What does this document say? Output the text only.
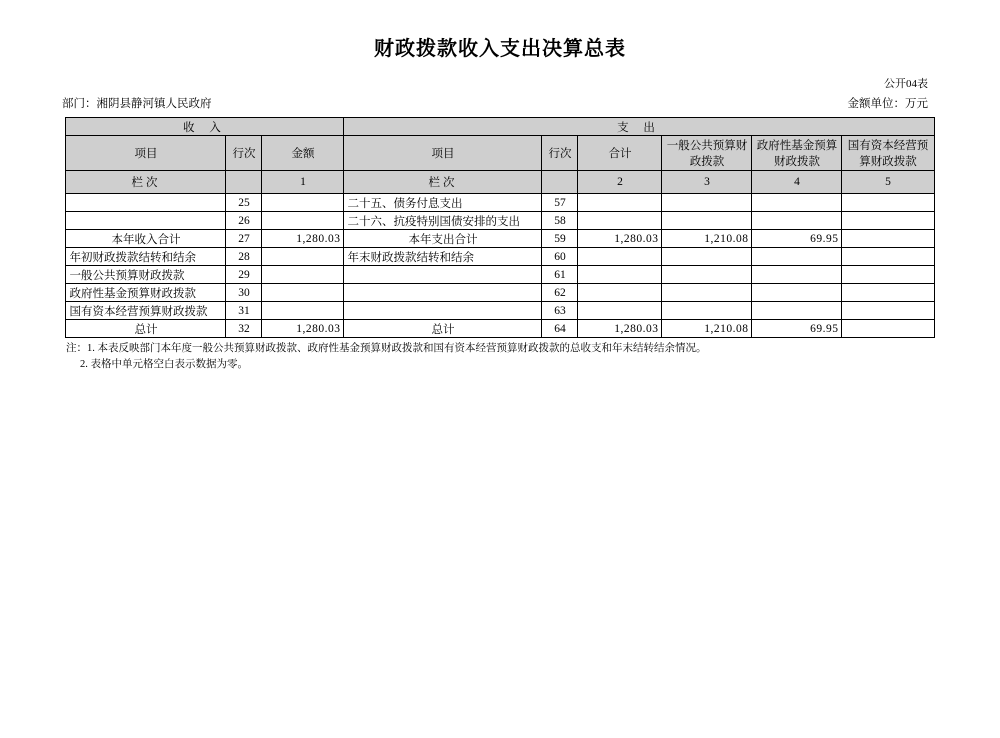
财政拨款收入支出决算总表
公开04表
部门：湘阴县静河镇人民政府	金额单位：万元
收 入			支 出					
项目	行次	金额	项目	行次	合计	一般公共预算财政拨款	政府性基金预算财政拨款	国有资本经营预算财政拨款
栏次		1	栏次		2	3	4	5
	25		二十五、债务付息支出	57				
	26		二十六、抗疫特别国债安排的支出	58				
本年收入合计	27	1,280.03	本年支出合计	59	1,280.03	1,210.08	69.95	
年初财政拨款结转和结余	28		年末财政拨款结转和结余	60				
一般公共预算财政拨款	29			61				
政府性基金预算财政拨款	30			62				
国有资本经营预算财政拨款	31			63				
总计	32	1,280.03	总计	64	1,280.03	1,210.08	69.95	
注：1. 本表反映部门本年度一般公共预算财政拨款、政府性基金预算财政拨款和国有资本经营预算财政拨款的总收支和年末结转结余情况。
2. 表格中单元格空白表示数据为零。
